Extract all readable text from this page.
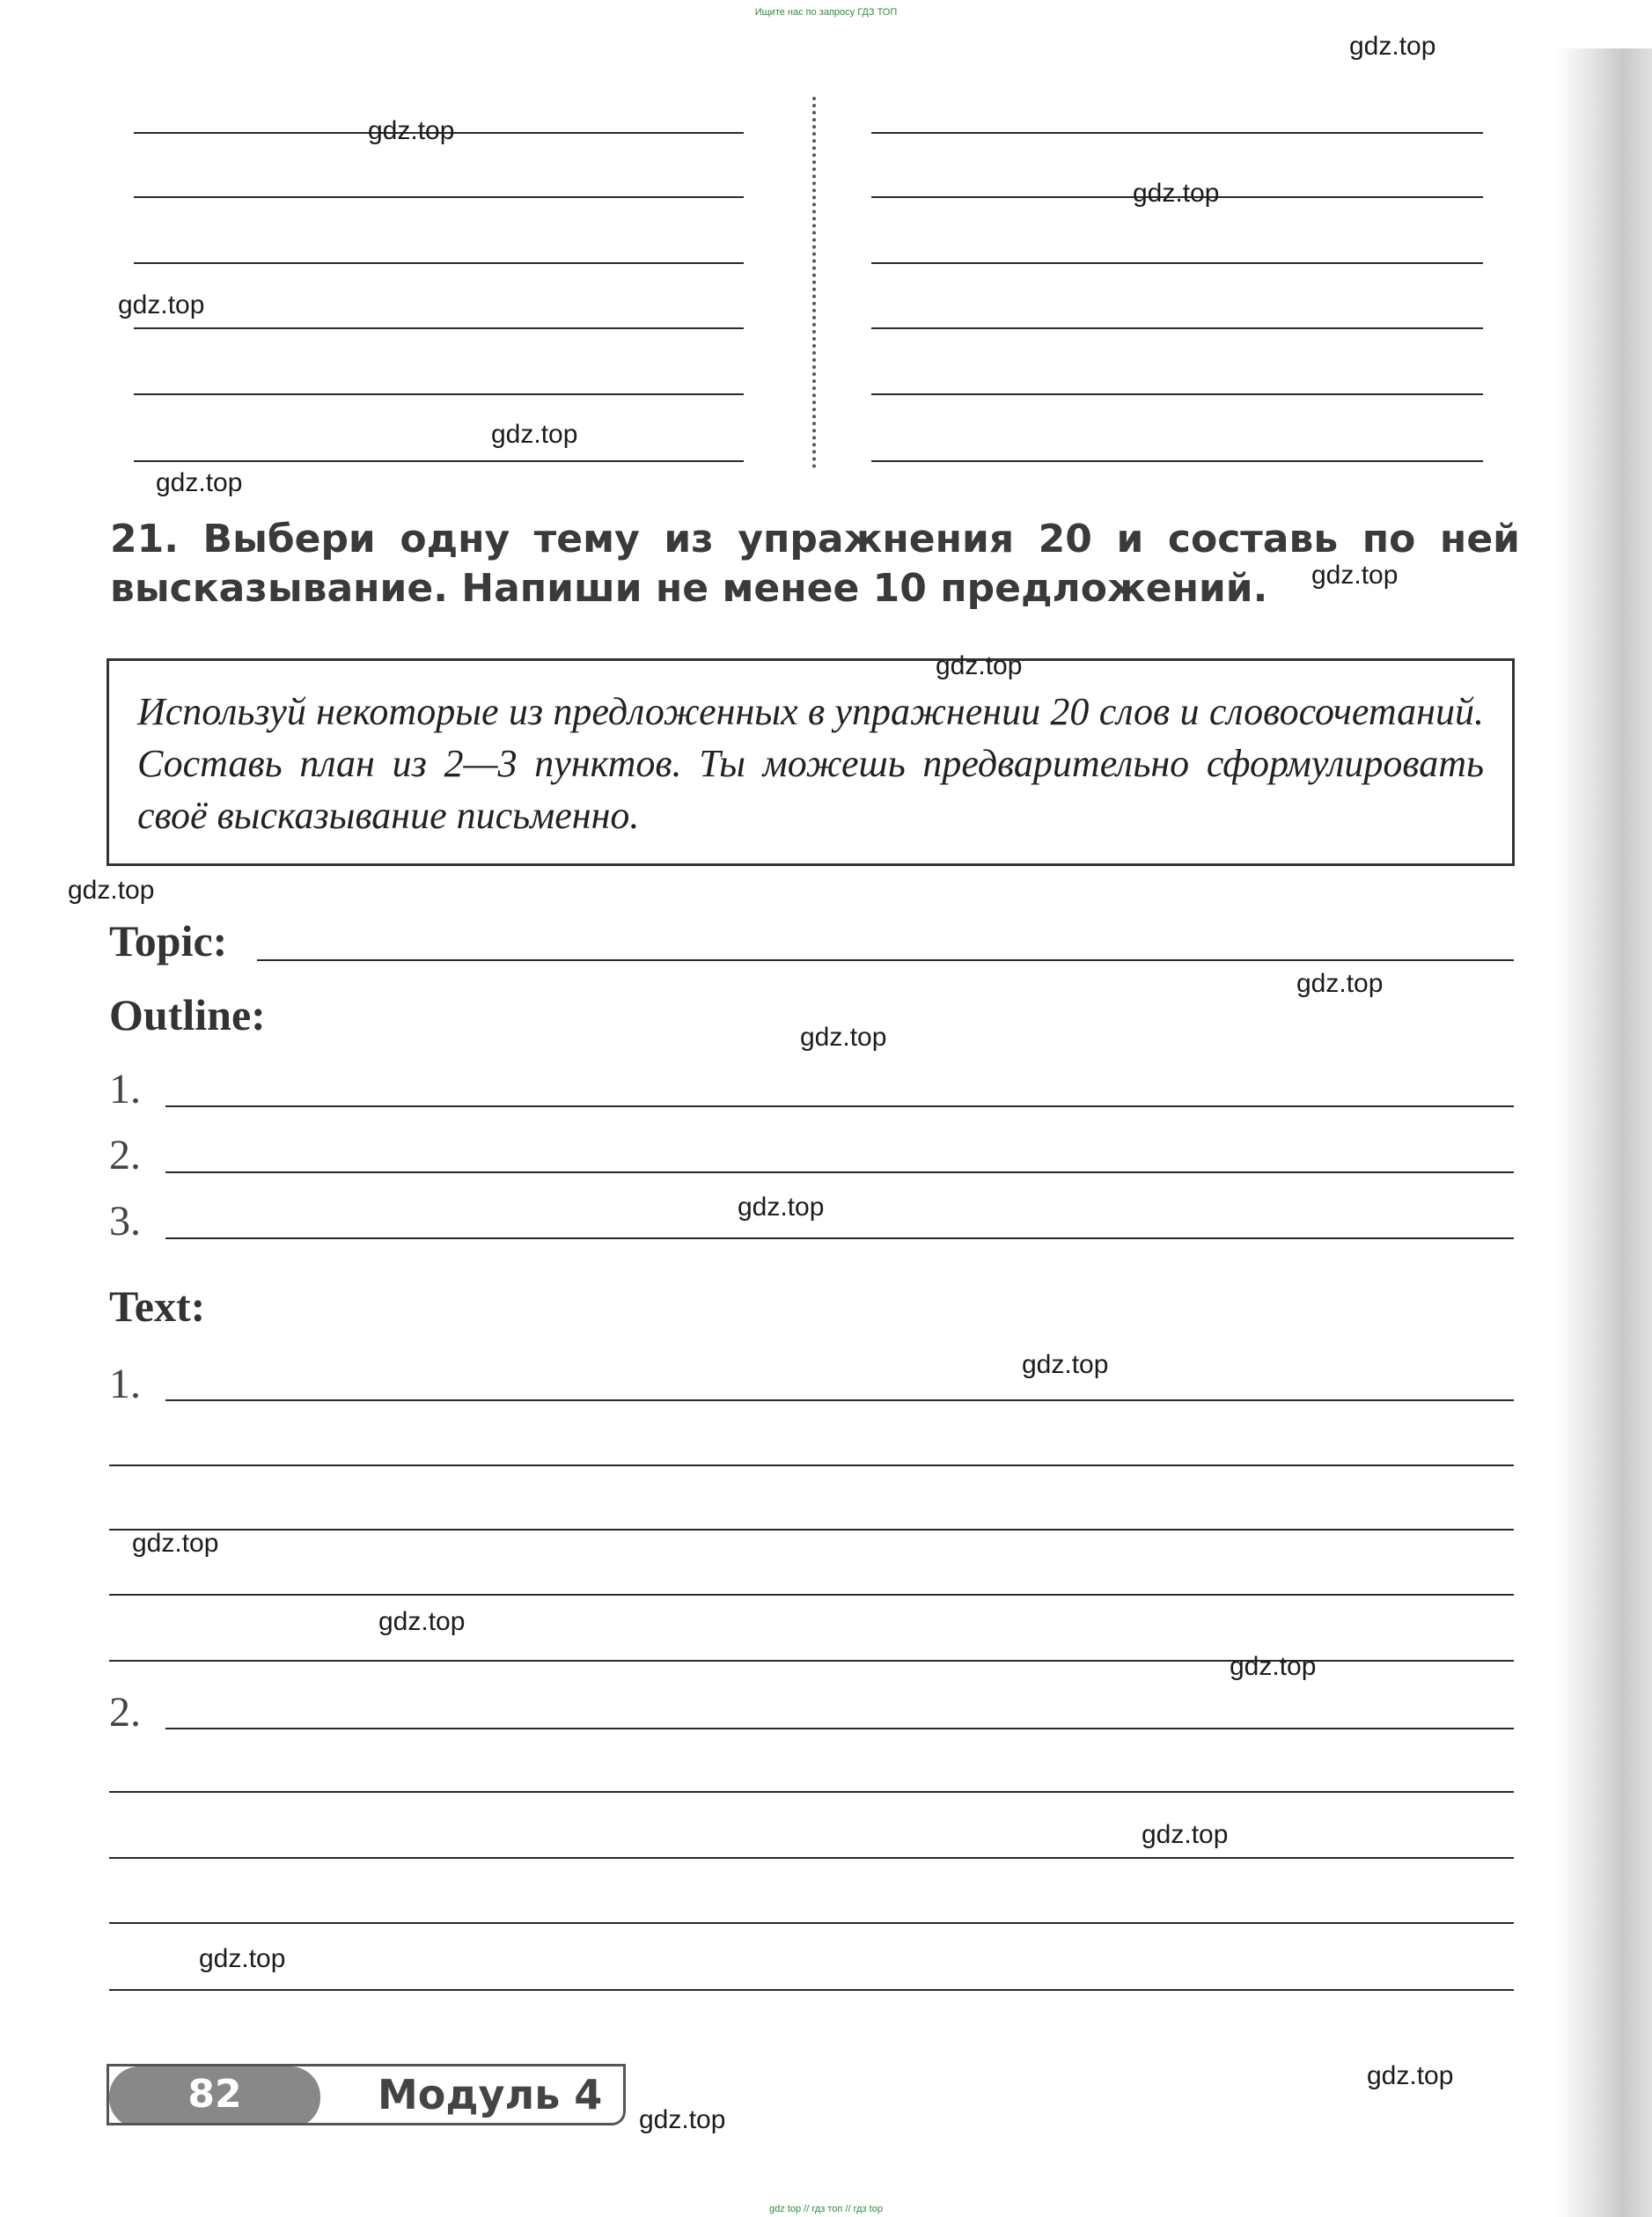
Ищите нас по запросу ГДЗ ТОП
21. Выбери одну тему из упражнения 20 и составь по ней высказывание. Напиши не менее 10 предложений.
Используй некоторые из предложенных в упражнении 20 слов и словосочетаний. Составь план из 2—3 пунктов. Ты можешь предварительно сформулировать своё высказывание письменно.
Topic:
Outline:
1.
2.
3.
Text:
1.
2.
82	Модуль 4
gdz.top
gdz.top
gdz.top
gdz.top
gdz.top
gdz.top
gdz.top
gdz.top
gdz.top
gdz.top
gdz.top
gdz.top
gdz.top
gdz.top
gdz.top
gdz.top
gdz.top
gdz.top
gdz.top
gdz.top
gdz top // гдз топ // гдз top
